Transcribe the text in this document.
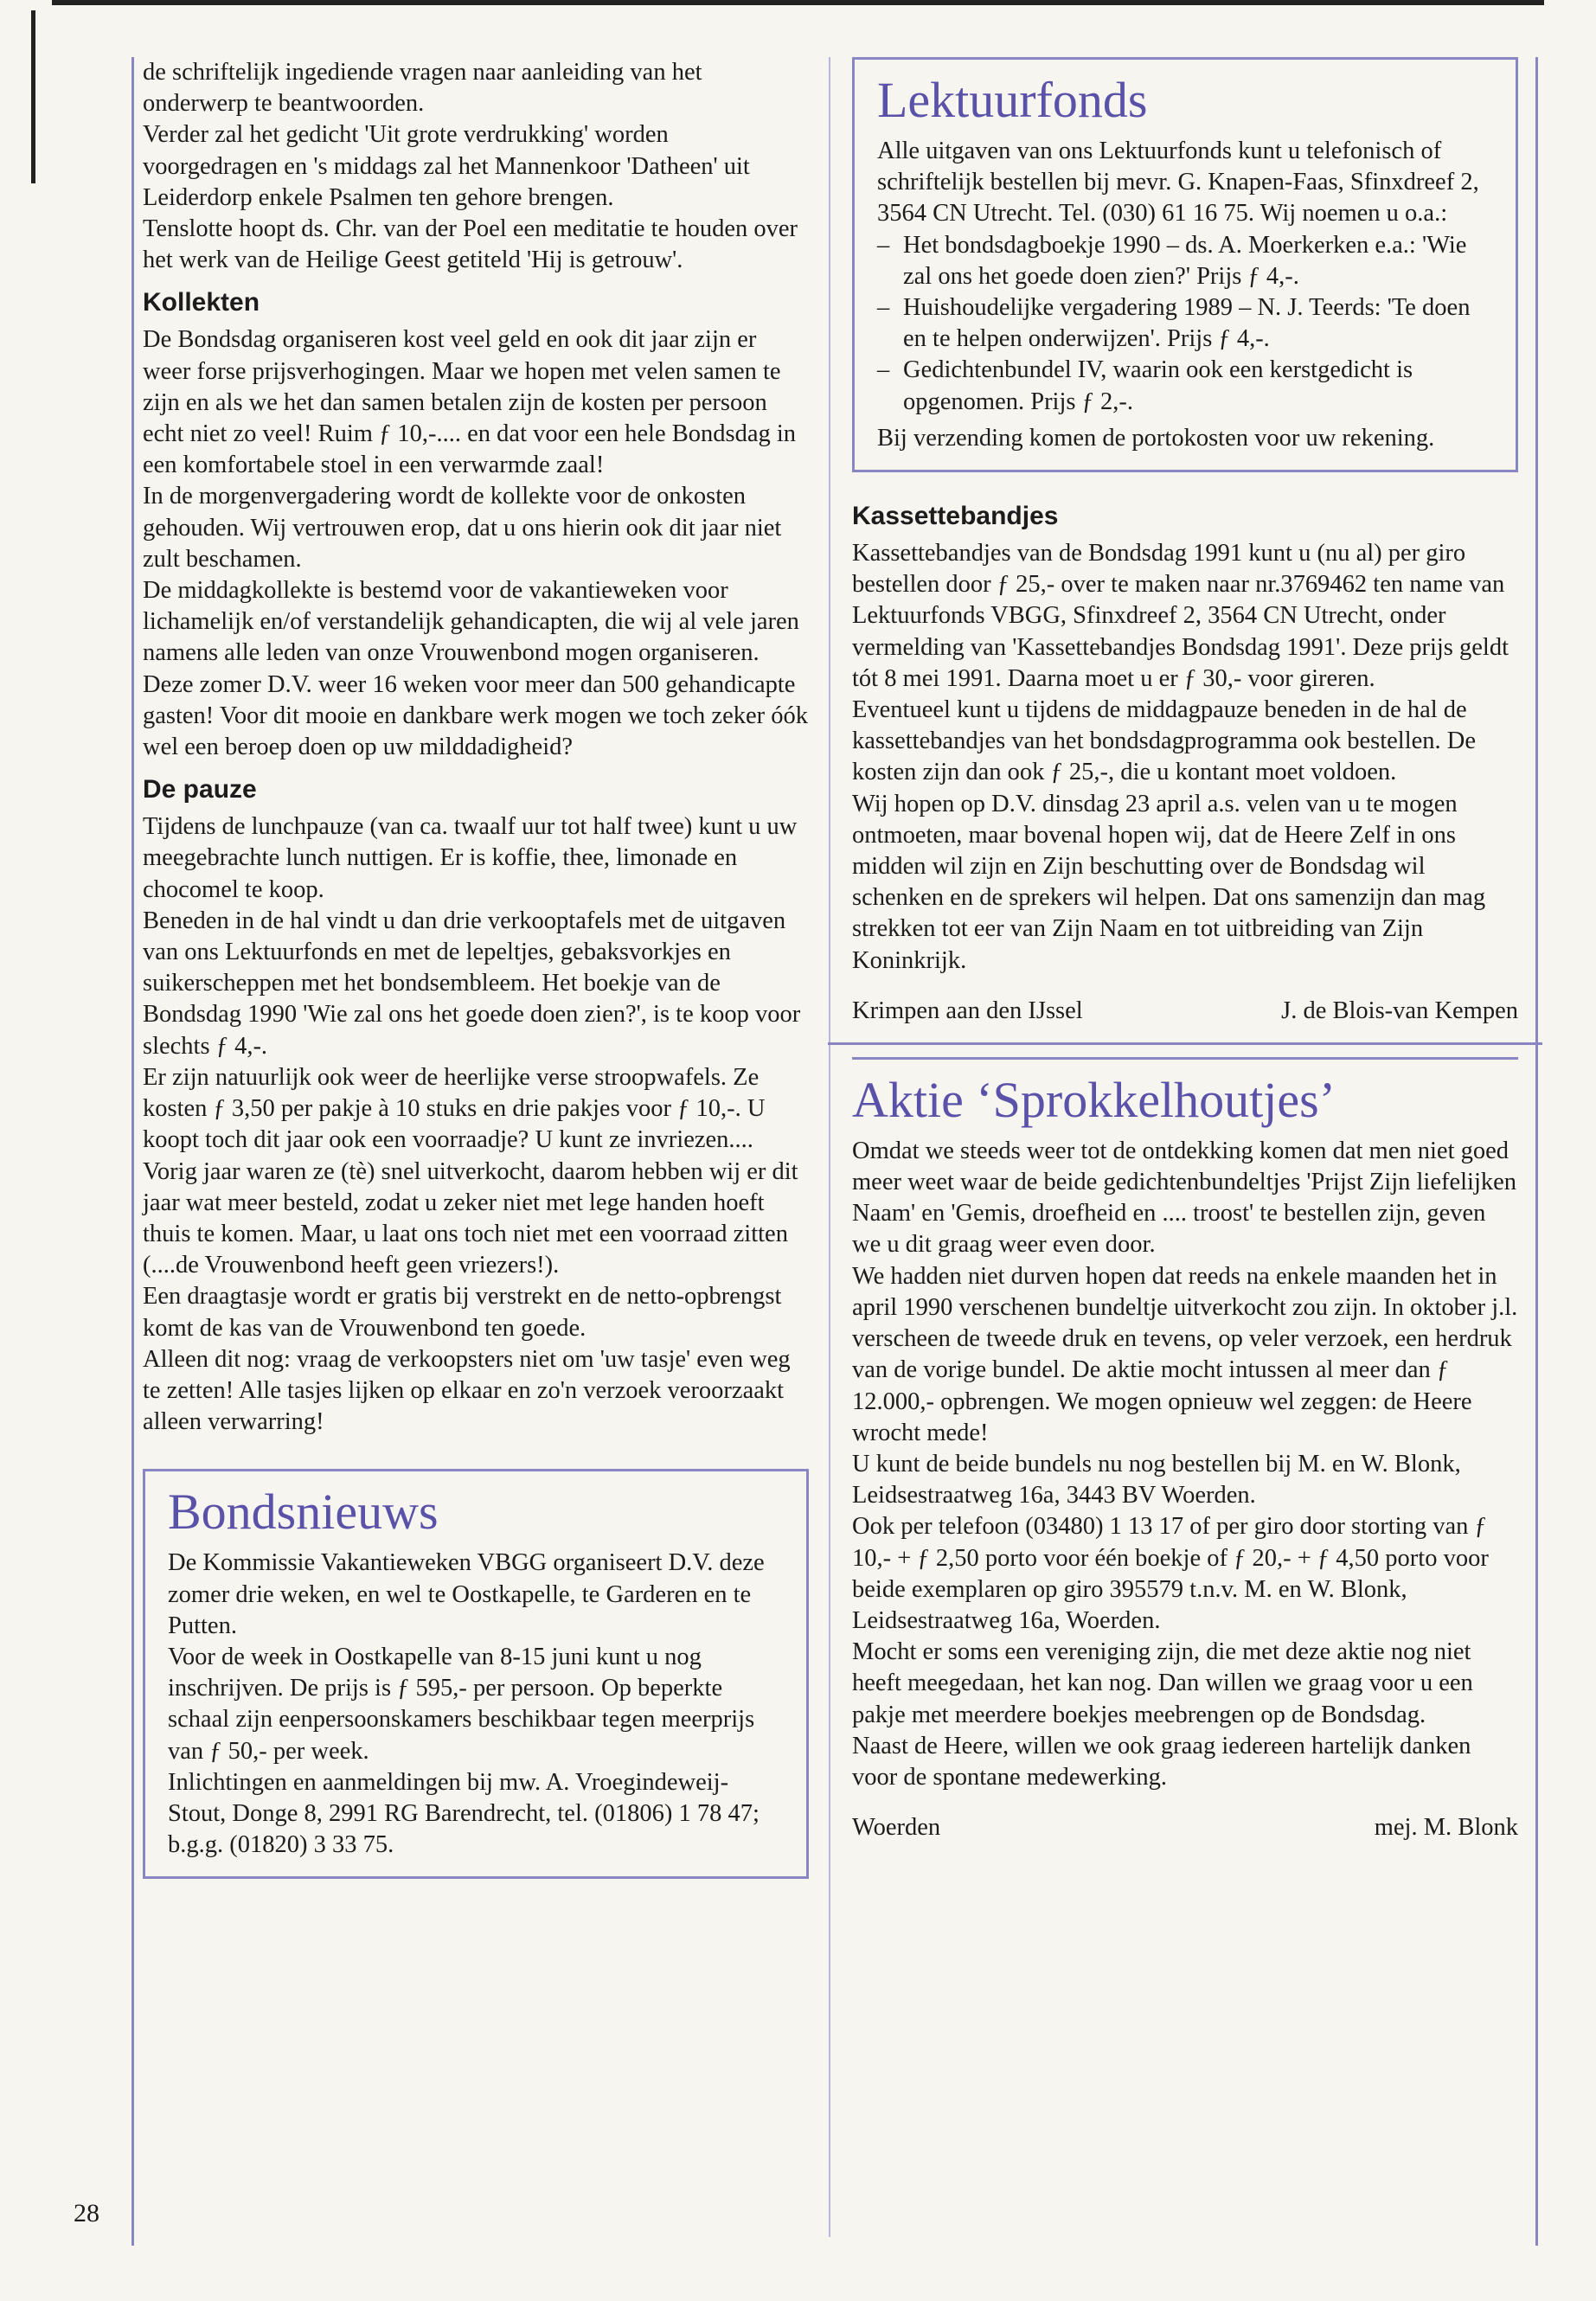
de schriftelijk ingediende vragen naar aanleiding van het onderwerp te beantwoorden.

Verder zal het gedicht 'Uit grote verdrukking' worden voorgedragen en 's middags zal het Mannenkoor 'Datheen' uit Leiderdorp enkele Psalmen ten gehore brengen.

Tenslotte hoopt ds. Chr. van der Poel een meditatie te houden over het werk van de Heilige Geest getiteld 'Hij is getrouw'.

Kollekten

De Bondsdag organiseren kost veel geld en ook dit jaar zijn er weer forse prijsverhogingen. Maar we hopen met velen samen te zijn en als we het dan samen betalen zijn de kosten per persoon echt niet zo veel! Ruim ƒ 10,-.... en dat voor een hele Bondsdag in een komfortabele stoel in een verwarmde zaal!

In de morgenvergadering wordt de kollekte voor de onkosten gehouden. Wij vertrouwen erop, dat u ons hierin ook dit jaar niet zult beschamen.

De middagkollekte is bestemd voor de vakantieweken voor lichamelijk en/of verstandelijk gehandicapten, die wij al vele jaren namens alle leden van onze Vrouwenbond mogen organiseren.

Deze zomer D.V. weer 16 weken voor meer dan 500 gehandicapte gasten! Voor dit mooie en dankbare werk mogen we toch zeker óók wel een beroep doen op uw milddadigheid?

De pauze

Tijdens de lunchpauze (van ca. twaalf uur tot half twee) kunt u uw meegebrachte lunch nuttigen. Er is koffie, thee, limonade en chocomel te koop.

Beneden in de hal vindt u dan drie verkooptafels met de uitgaven van ons Lektuurfonds en met de lepeltjes, gebaksvorkjes en suikerscheppen met het bondsembleem. Het boekje van de Bondsdag 1990 'Wie zal ons het goede doen zien?', is te koop voor slechts ƒ 4,-.

Er zijn natuurlijk ook weer de heerlijke verse stroopwafels. Ze kosten ƒ 3,50 per pakje à 10 stuks en drie pakjes voor ƒ 10,-. U koopt toch dit jaar ook een voorraadje? U kunt ze invriezen.... Vorig jaar waren ze (tè) snel uitverkocht, daarom hebben wij er dit jaar wat meer besteld, zodat u zeker niet met lege handen hoeft thuis te komen. Maar, u laat ons toch niet met een voorraad zitten (....de Vrouwenbond heeft geen vriezers!).

Een draagtasje wordt er gratis bij verstrekt en de netto-opbrengst komt de kas van de Vrouwenbond ten goede.

Alleen dit nog: vraag de verkoopsters niet om 'uw tasje' even weg te zetten! Alle tasjes lijken op elkaar en zo'n verzoek veroorzaakt alleen verwarring!

Bondsnieuws

De Kommissie Vakantieweken VBGG organiseert D.V. deze zomer drie weken, en wel te Oostkapelle, te Garderen en te Putten.

Voor de week in Oostkapelle van 8-15 juni kunt u nog inschrijven. De prijs is ƒ 595,- per persoon. Op beperkte schaal zijn eenpersoonskamers beschikbaar tegen meerprijs van ƒ 50,- per week.

Inlichtingen en aanmeldingen bij mw. A. Vroegindeweij-Stout, Donge 8, 2991 RG Barendrecht, tel. (01806) 1 78 47; b.g.g. (01820) 3 33 75.

Lektuurfonds

Alle uitgaven van ons Lektuurfonds kunt u telefonisch of schriftelijk bestellen bij mevr. G. Knapen-Faas, Sfinxdreef 2, 3564 CN Utrecht. Tel. (030) 61 16 75. Wij noemen u o.a.:

– Het bondsdagboekje 1990 – ds. A. Moerkerken e.a.: 'Wie zal ons het goede doen zien?' Prijs ƒ 4,-.
– Huishoudelijke vergadering 1989 – N. J. Teerds: 'Te doen en te helpen onderwijzen'. Prijs ƒ 4,-.
– Gedichtenbundel IV, waarin ook een kerstgedicht is opgenomen. Prijs ƒ 2,-.

Bij verzending komen de portokosten voor uw rekening.

Kassettebandjes

Kassettebandjes van de Bondsdag 1991 kunt u (nu al) per giro bestellen door ƒ 25,- over te maken naar nr.3769462 ten name van Lektuurfonds VBGG, Sfinxdreef 2, 3564 CN Utrecht, onder vermelding van 'Kassettebandjes Bondsdag 1991'. Deze prijs geldt tót 8 mei 1991. Daarna moet u er ƒ 30,- voor gireren.

Eventueel kunt u tijdens de middagpauze beneden in de hal de kassettebandjes van het bondsdagprogramma ook bestellen. De kosten zijn dan ook ƒ 25,-, die u kontant moet voldoen.

Wij hopen op D.V. dinsdag 23 april a.s. velen van u te mogen ontmoeten, maar bovenal hopen wij, dat de Heere Zelf in ons midden wil zijn en Zijn beschutting over de Bondsdag wil schenken en de sprekers wil helpen. Dat ons samenzijn dan mag strekken tot eer van Zijn Naam en tot uitbreiding van Zijn Koninkrijk.

Krimpen aan den IJssel	J. de Blois-van Kempen
Aktie ‘Sprokkelhoutjes’

Omdat we steeds weer tot de ontdekking komen dat men niet goed meer weet waar de beide gedichtenbundeltjes 'Prijst Zijn liefelijken Naam' en 'Gemis, droefheid en .... troost' te bestellen zijn, geven we u dit graag weer even door.

We hadden niet durven hopen dat reeds na enkele maanden het in april 1990 verschenen bundeltje uitverkocht zou zijn. In oktober j.l. verscheen de tweede druk en tevens, op veler verzoek, een herdruk van de vorige bundel. De aktie mocht intussen al meer dan ƒ 12.000,- opbrengen. We mogen opnieuw wel zeggen: de Heere wrocht mede!

U kunt de beide bundels nu nog bestellen bij M. en W. Blonk, Leidsestraatweg 16a, 3443 BV Woerden.

Ook per telefoon (03480) 1 13 17 of per giro door storting van ƒ 10,- + ƒ 2,50 porto voor één boekje of ƒ 20,- + ƒ 4,50 porto voor beide exemplaren op giro 395579 t.n.v. M. en W. Blonk, Leidsestraatweg 16a, Woerden.

Mocht er soms een vereniging zijn, die met deze aktie nog niet heeft meegedaan, het kan nog. Dan willen we graag voor u een pakje met meerdere boekjes meebrengen op de Bondsdag.

Naast de Heere, willen we ook graag iedereen hartelijk danken voor de spontane medewerking.

Woerden	mej. M. Blonk
28
